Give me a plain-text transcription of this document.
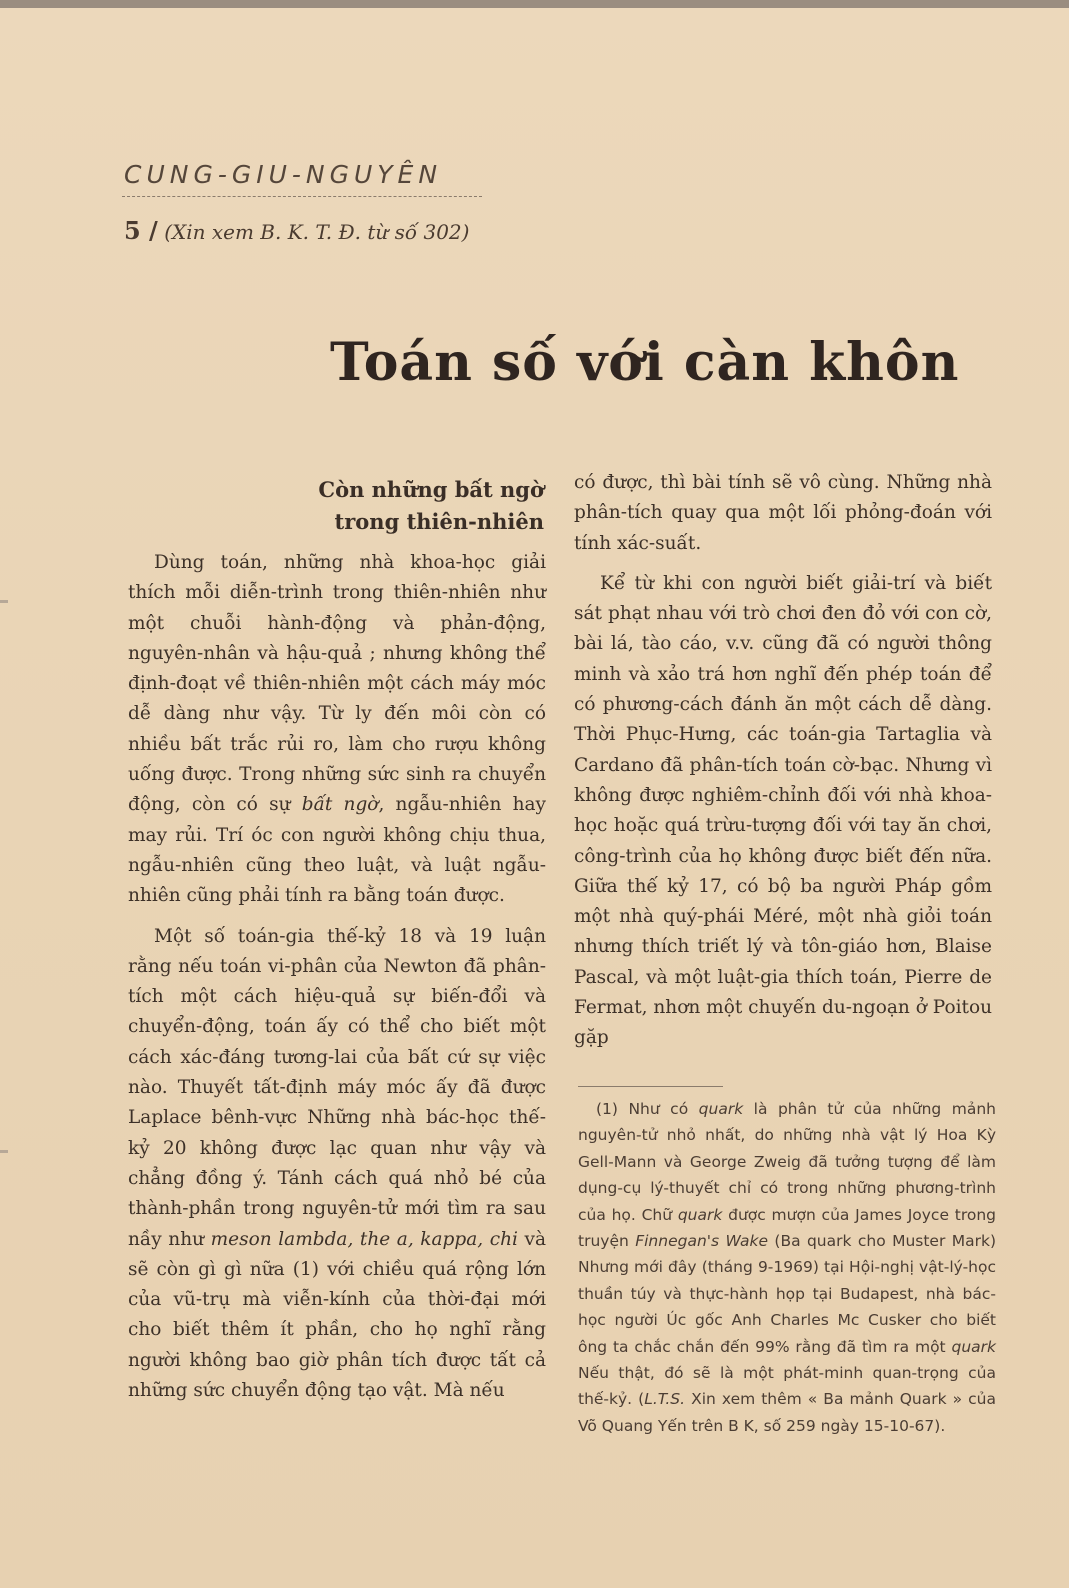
CUNG-GIU-NGUYÊN
5 / (Xin xem B. K. T. Đ. từ số 302)
Toán số với càn khôn
Còn những bất ngờ trong thiên-nhiên

Dùng toán, những nhà khoa-học giải thích mỗi diễn-trình trong thiên-nhiên như một chuỗi hành-động và phản-động, nguyên-nhân và hậu-quả ; nhưng không thể định-đoạt về thiên-nhiên một cách máy móc dễ dàng như vậy. Từ ly đến môi còn có nhiều bất trắc rủi ro, làm cho rượu không uống được. Trong những sức sinh ra chuyển động, còn có sự bất ngờ, ngẫu-nhiên hay may rủi. Trí óc con người không chịu thua, ngẫu-nhiên cũng theo luật, và luật ngẫu-nhiên cũng phải tính ra bằng toán được.

Một số toán-gia thế-kỷ 18 và 19 luận rằng nếu toán vi-phân của Newton đã phân-tích một cách hiệu-quả sự biến-đổi và chuyển-động, toán ấy có thể cho biết một cách xác-đáng tương-lai của bất cứ sự việc nào. Thuyết tất-định máy móc ấy đã được Laplace bênh-vực Những nhà bác-học thế-kỷ 20 không được lạc quan như vậy và chẳng đồng ý. Tánh cách quá nhỏ bé của thành-phần trong nguyên-tử mới tìm ra sau nầy như meson lambda, the a, kappa, chi và sẽ còn gì gì nữa (1) với chiều quá rộng lớn của vũ-trụ mà viễn-kính của thời-đại mới cho biết thêm ít phần, cho họ nghĩ rằng người không bao giờ phân tích được tất cả những sức chuyển động tạo vật. Mà nếu

có được, thì bài tính sẽ vô cùng. Những nhà phân-tích quay qua một lối phỏng-đoán với tính xác-suất.

Kể từ khi con người biết giải-trí và biết sát phạt nhau với trò chơi đen đỏ với con cờ, bài lá, tào cáo, v.v. cũng đã có người thông minh và xảo trá hơn nghĩ đến phép toán để có phương-cách đánh ăn một cách dễ dàng. Thời Phục-Hưng, các toán-gia Tartaglia và Cardano đã phân-tích toán cờ-bạc. Nhưng vì không được nghiêm-chỉnh đối với nhà khoa-học hoặc quá trừu-tượng đối với tay ăn chơi, công-trình của họ không được biết đến nữa. Giữa thế kỷ 17, có bộ ba người Pháp gồm một nhà quý-phái Méré, một nhà giỏi toán nhưng thích triết lý và tôn-giáo hơn, Blaise Pascal, và một luật-gia thích toán, Pierre de Fermat, nhơn một chuyến du-ngoạn ở Poitou gặp

(1) Như có quark là phân tử của những mảnh nguyên-tử nhỏ nhất, do những nhà vật lý Hoa Kỳ Gell-Mann và George Zweig đã tưởng tượng để làm dụng-cụ lý-thuyết chỉ có trong những phương-trình của họ. Chữ quark được mượn của James Joyce trong truyện Finnegan's Wake (Ba quark cho Muster Mark) Nhưng mới đây (tháng 9-1969) tại Hội-nghị vật-lý-học thuần túy và thực-hành họp tại Budapest, nhà bác-học người Úc gốc Anh Charles Mc Cusker cho biết ông ta chắc chắn đến 99% rằng đã tìm ra một quark Nếu thật, đó sẽ là một phát-minh quan-trọng của thế-kỷ. (L.T.S. Xin xem thêm « Ba mảnh Quark » của Võ Quang Yến trên B K, số 259 ngày 15-10-67).
